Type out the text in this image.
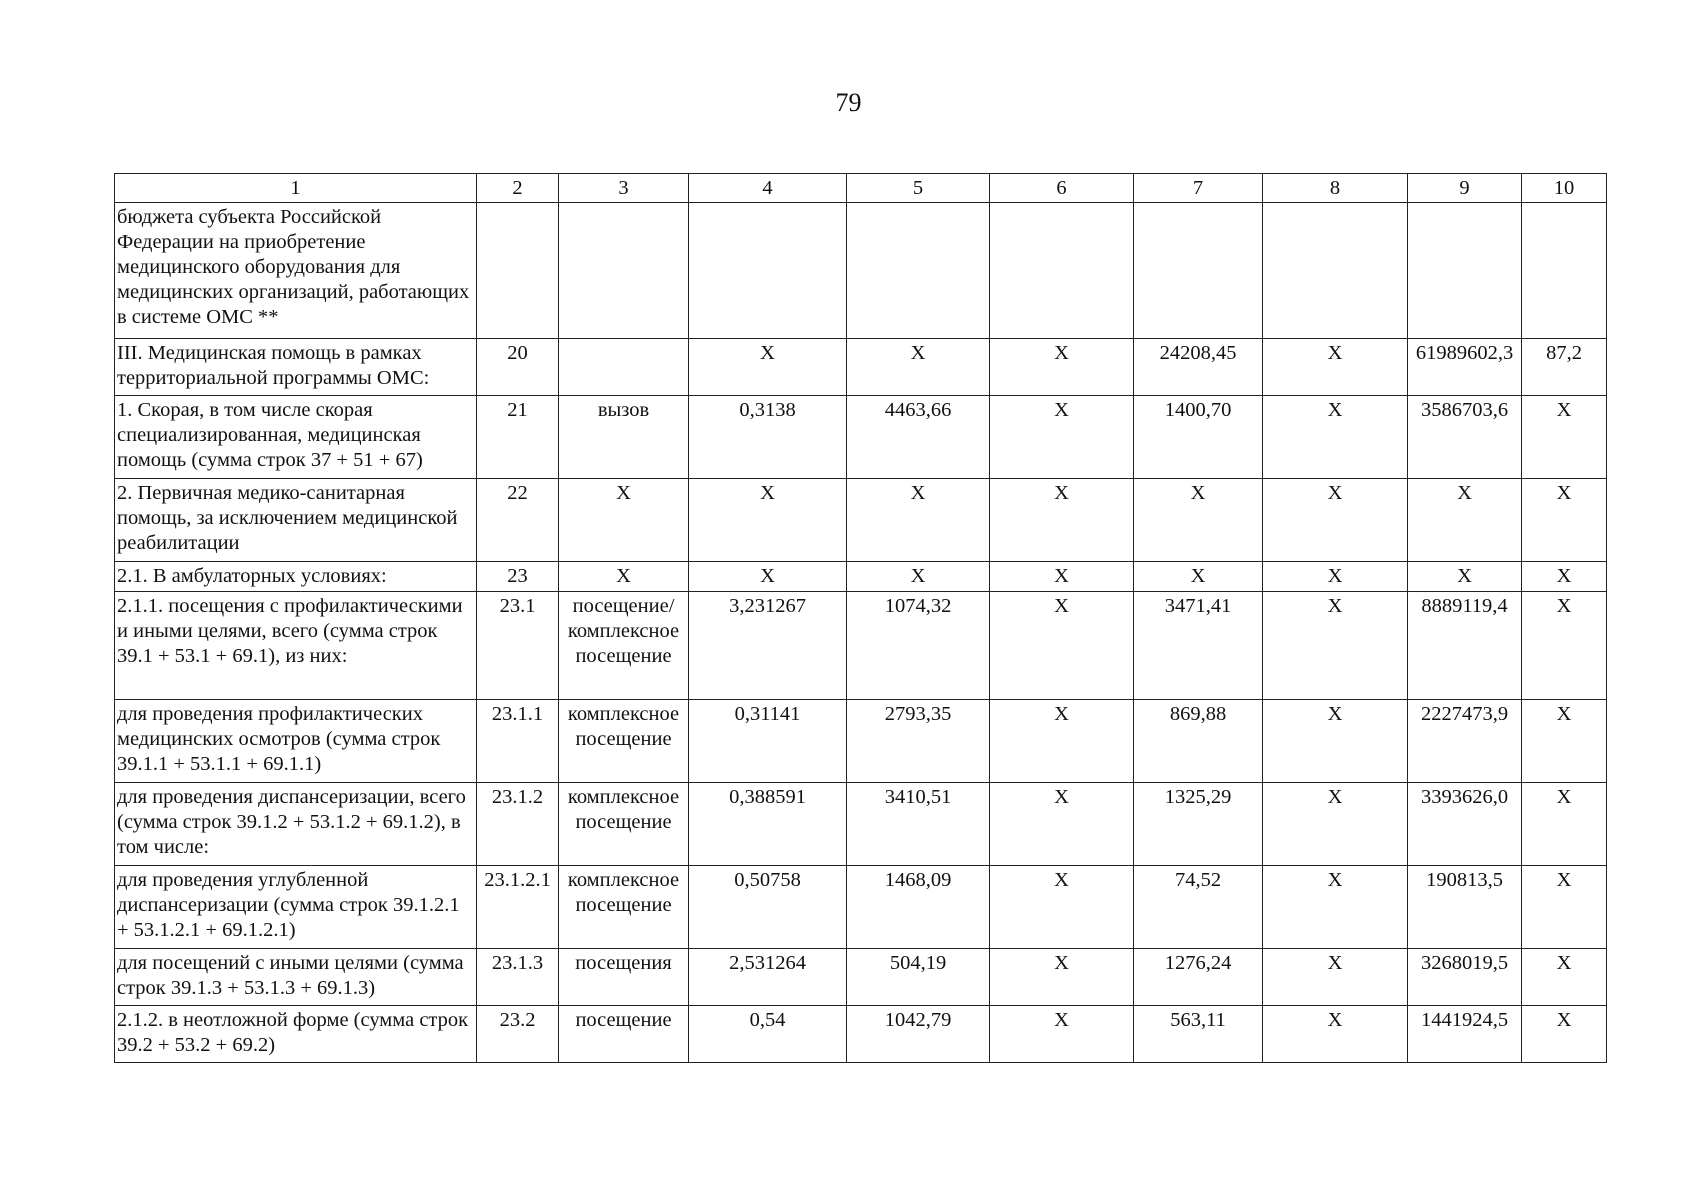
79
1	2	3	4	5	6	7	8	9	10
бюджета субъекта Российской Федерации на приобретение медицинского оборудования для медицинских организаций, работающих в системе ОМС **									
III. Медицинская помощь в рамках территориальной программы ОМС:	20		X	X	X	24208,45	X	61989602,3	87,2
1. Скорая, в том числе скорая специализированная, медицинская помощь (сумма строк 37 + 51 + 67)	21	вызов	0,3138	4463,66	X	1400,70	X	3586703,6	X
2. Первичная медико-санитарная помощь, за исключением медицинской реабилитации	22	X	X	X	X	X	X	X	X
2.1. В амбулаторных условиях:	23	X	X	X	X	X	X	X	X
2.1.1. посещения с профилактическими и иными целями, всего (сумма строк 39.1 + 53.1 + 69.1), из них:	23.1	посещение/ комплексное посещение	3,231267	1074,32	X	3471,41	X	8889119,4	X
для проведения профилактических медицинских осмотров (сумма строк 39.1.1 + 53.1.1 + 69.1.1)	23.1.1	комплексное посещение	0,31141	2793,35	X	869,88	X	2227473,9	X
для проведения диспансеризации, всего (сумма строк 39.1.2 + 53.1.2 + 69.1.2), в том числе:	23.1.2	комплексное посещение	0,388591	3410,51	X	1325,29	X	3393626,0	X
для проведения углубленной диспансеризации (сумма строк 39.1.2.1 + 53.1.2.1 + 69.1.2.1)	23.1.2.1	комплексное посещение	0,50758	1468,09	X	74,52	X	190813,5	X
для посещений с иными целями (сумма строк 39.1.3 + 53.1.3 + 69.1.3)	23.1.3	посещения	2,531264	504,19	X	1276,24	X	3268019,5	X
2.1.2. в неотложной форме (сумма строк 39.2 + 53.2 + 69.2)	23.2	посещение	0,54	1042,79	X	563,11	X	1441924,5	X
